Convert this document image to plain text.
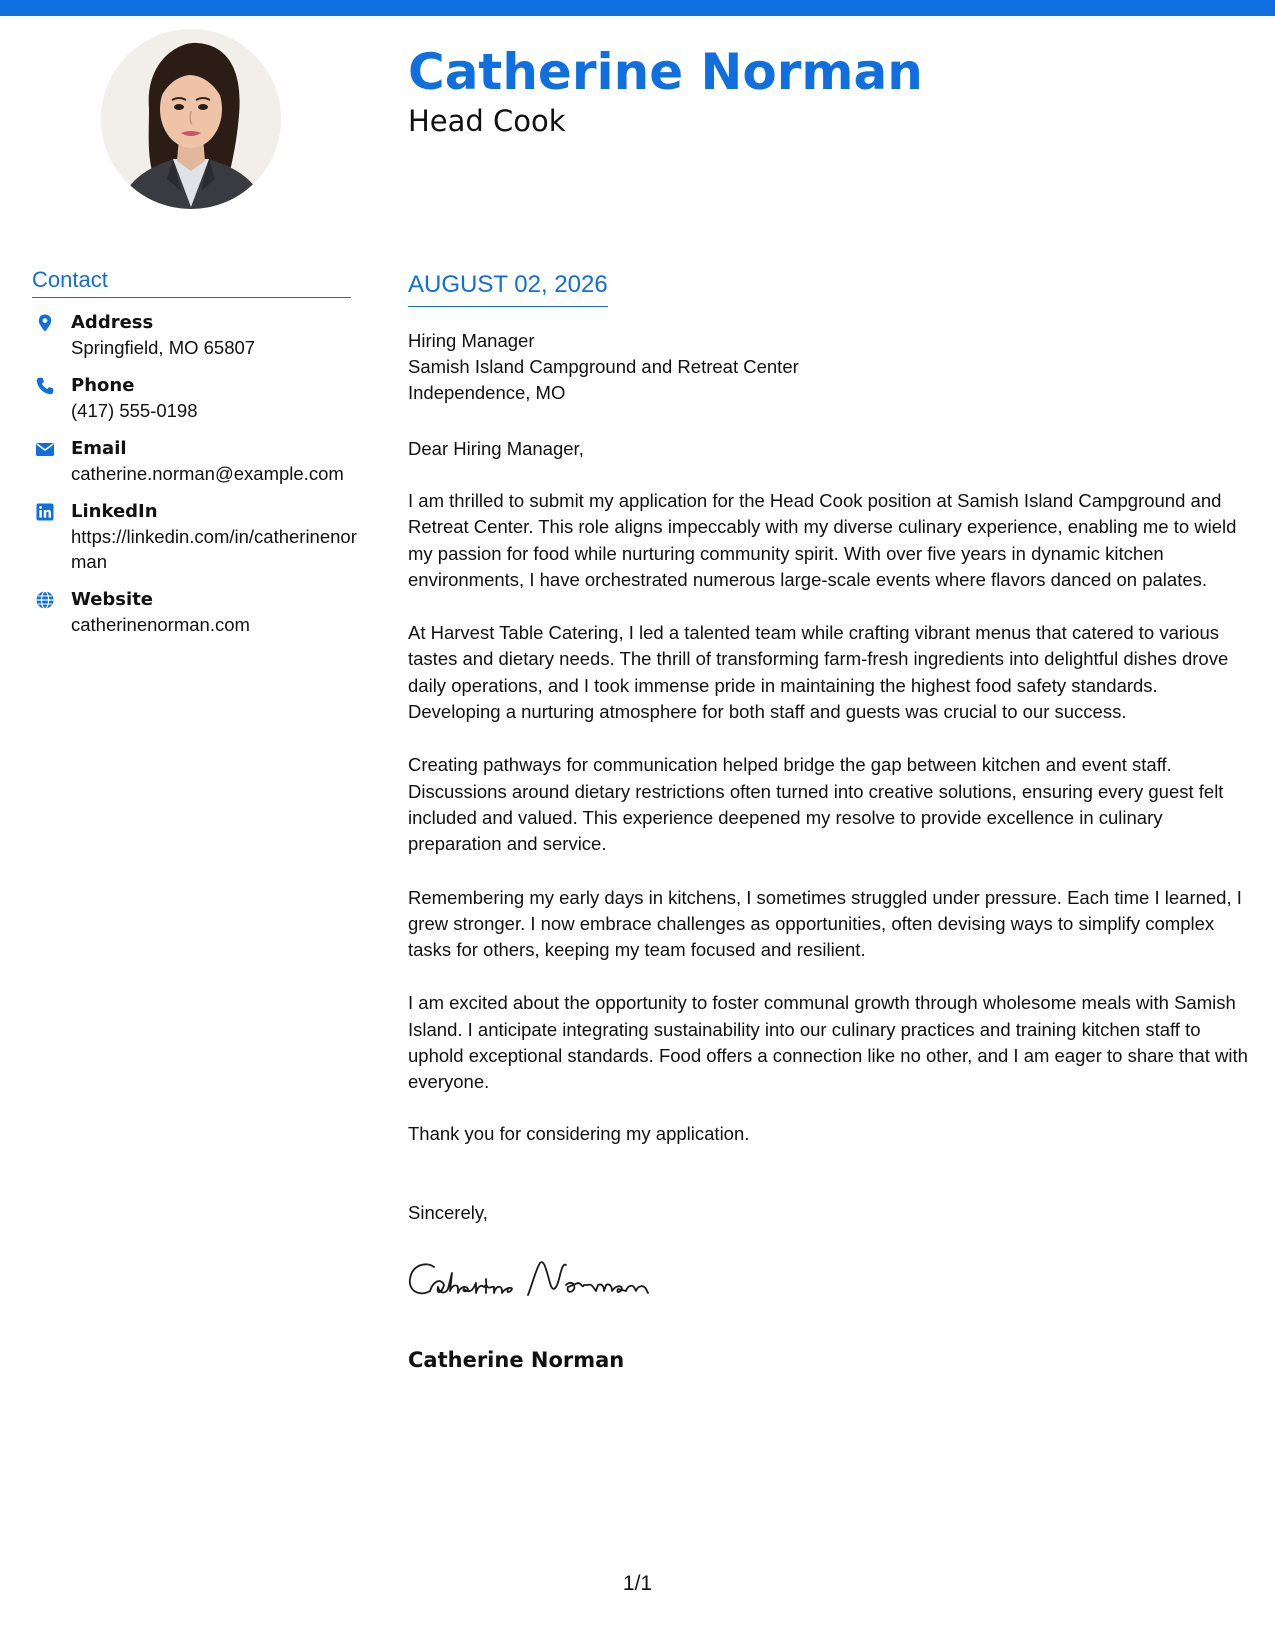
Catherine Norman
Head Cook
Contact
Address
Springfield, MO 65807
Phone
(417) 555-0198
Email
catherine.norman@example.com
LinkedIn
https://linkedin.com/in/catherinenorman
Website
catherinenorman.com
AUGUST 02, 2026
Hiring Manager
Samish Island Campground and Retreat Center
Independence, MO
Dear Hiring Manager,

I am thrilled to submit my application for the Head Cook position at Samish Island Campground and Retreat Center. This role aligns impeccably with my diverse culinary experience, enabling me to wield my passion for food while nurturing community spirit. With over five years in dynamic kitchen environments, I have orchestrated numerous large-scale events where flavors danced on palates.

At Harvest Table Catering, I led a talented team while crafting vibrant menus that catered to various tastes and dietary needs. The thrill of transforming farm-fresh ingredients into delightful dishes drove daily operations, and I took immense pride in maintaining the highest food safety standards. Developing a nurturing atmosphere for both staff and guests was crucial to our success.

Creating pathways for communication helped bridge the gap between kitchen and event staff. Discussions around dietary restrictions often turned into creative solutions, ensuring every guest felt included and valued. This experience deepened my resolve to provide excellence in culinary preparation and service.

Remembering my early days in kitchens, I sometimes struggled under pressure. Each time I learned, I grew stronger. I now embrace challenges as opportunities, often devising ways to simplify complex tasks for others, keeping my team focused and resilient.

I am excited about the opportunity to foster communal growth through wholesome meals with Samish Island. I anticipate integrating sustainability into our culinary practices and training kitchen staff to uphold exceptional standards. Food offers a connection like no other, and I am eager to share that with everyone.

Thank you for considering my application.
Sincerely,
Catherine Norman
1/1
